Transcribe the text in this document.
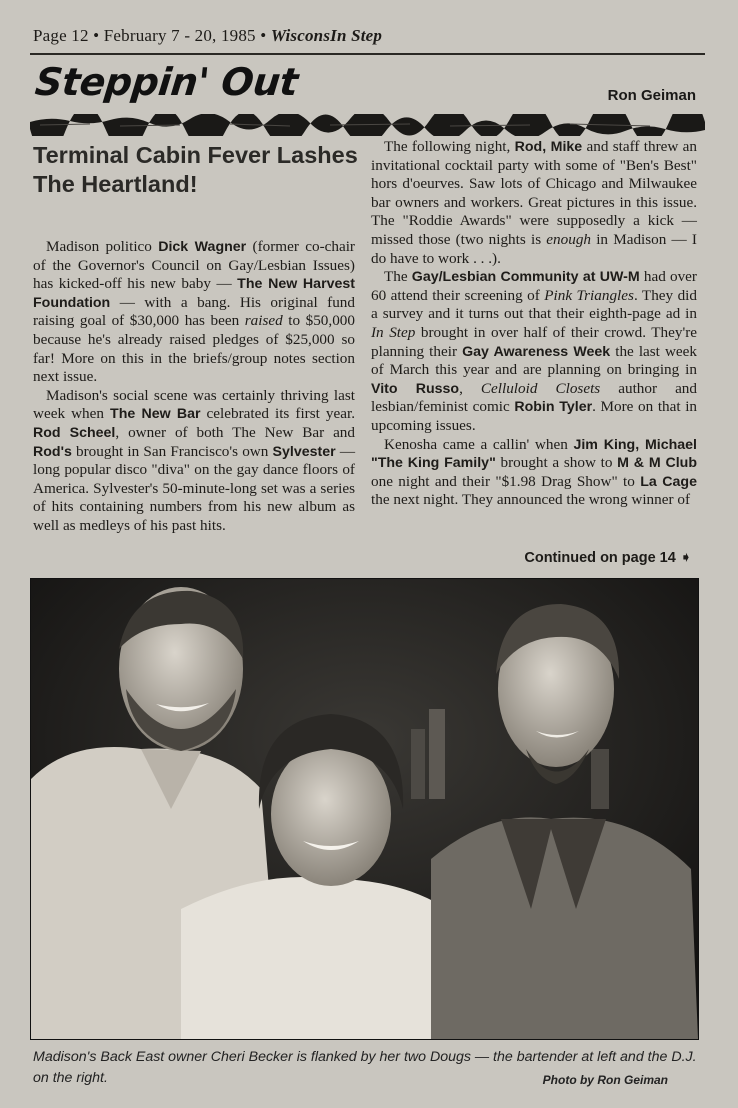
Page 12 • February 7 - 20, 1985 • WisconsIn Step
Steppin' Out	Ron Geiman
Terminal Cabin Fever Lashes The Heartland!

Madison politico Dick Wagner (former co-chair of the Governor's Council on Gay/Lesbian Issues) has kicked-off his new baby — The New Harvest Foundation — with a bang. His original fund raising goal of $30,000 has been raised to $50,000 because he's already raised pledges of $25,000 so far! More on this in the briefs/group notes section next issue.

Madison's social scene was certainly thriving last week when The New Bar celebrated its first year. Rod Scheel, owner of both The New Bar and Rod's brought in San Francisco's own Sylvester — long popular disco "diva" on the gay dance floors of America. Sylvester's 50-minute-long set was a series of hits containing numbers from his new album as well as medleys of his past hits.

The following night, Rod, Mike and staff threw an invitational cocktail party with some of "Ben's Best" hors d'oeurves. Saw lots of Chicago and Milwaukee bar owners and workers. Great pictures in this issue. The "Roddie Awards" were supposedly a kick — missed those (two nights is enough in Madison — I do have to work . . .).

The Gay/Lesbian Community at UW-M had over 60 attend their screening of Pink Triangles. They did a survey and it turns out that their eighth-page ad in In Step brought in over half of their crowd. They're planning their Gay Awareness Week the last week of March this year and are planning on bringing in Vito Russo, Celluloid Closets author and lesbian/feminist comic Robin Tyler. More on that in upcoming issues.

Kenosha came a callin' when Jim King, Michael "The King Family" brought a show to M & M Club one night and their "$1.98 Drag Show" to La Cage the next night. They announced the wrong winner of

Continued on page 14 ➧
Madison's Back East owner Cheri Becker is flanked by her two Dougs — the bartender at left and the D.J. on the right.	Photo by Ron Geiman
